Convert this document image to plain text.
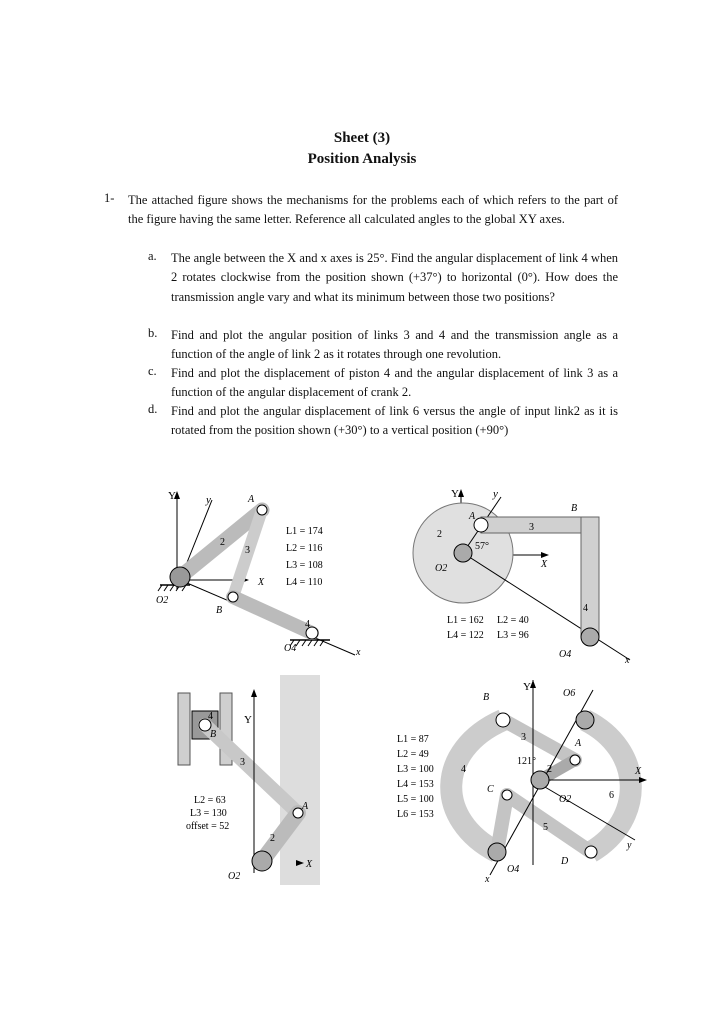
Sheet (3)
Position Analysis
1- The attached figure shows the mechanisms for the problems each of which refers to the part of the figure having the same letter. Reference all calculated angles to the global XY axes.
a. The angle between the X and x axes is 25°. Find the angular displacement of link 4 when 2 rotates clockwise from the position shown (+37°) to horizontal (0°). How does the transmission angle vary and what its minimum between those two positions?
b. Find and plot the angular position of links 3 and 4 and the transmission angle as a function of the angle of link 2 as it rotates through one revolution.
c. Find and plot the displacement of piston 4 and the angular displacement of link 3 as a function of the angular displacement of crank 2.
d. Find and plot the angular displacement of link 6 versus the angle of input link2 as it is rotated from the position shown (+30°) to a vertical position (+90°)
Y	y	A
X
x
B
O2
O4
2
3
4
L1 = 174
L2 = 116
L3 = 108
L4 = 110
Y	y
A
B
X
x
O2
O4
2
3
4
57°
L1 = 162 L2 = 40
L4 = 122 L3 = 96
Y
X
A
B
O2
2
3
4
L2 = 63
L3 = 130
offset = 52
Y
X
x
y
B	O6
A
C
O2
O4
D
3
4
5
6
2
121°
L1 = 87
L2 = 49
L3 = 100
L4 = 153
L5 = 100
L6 = 153
